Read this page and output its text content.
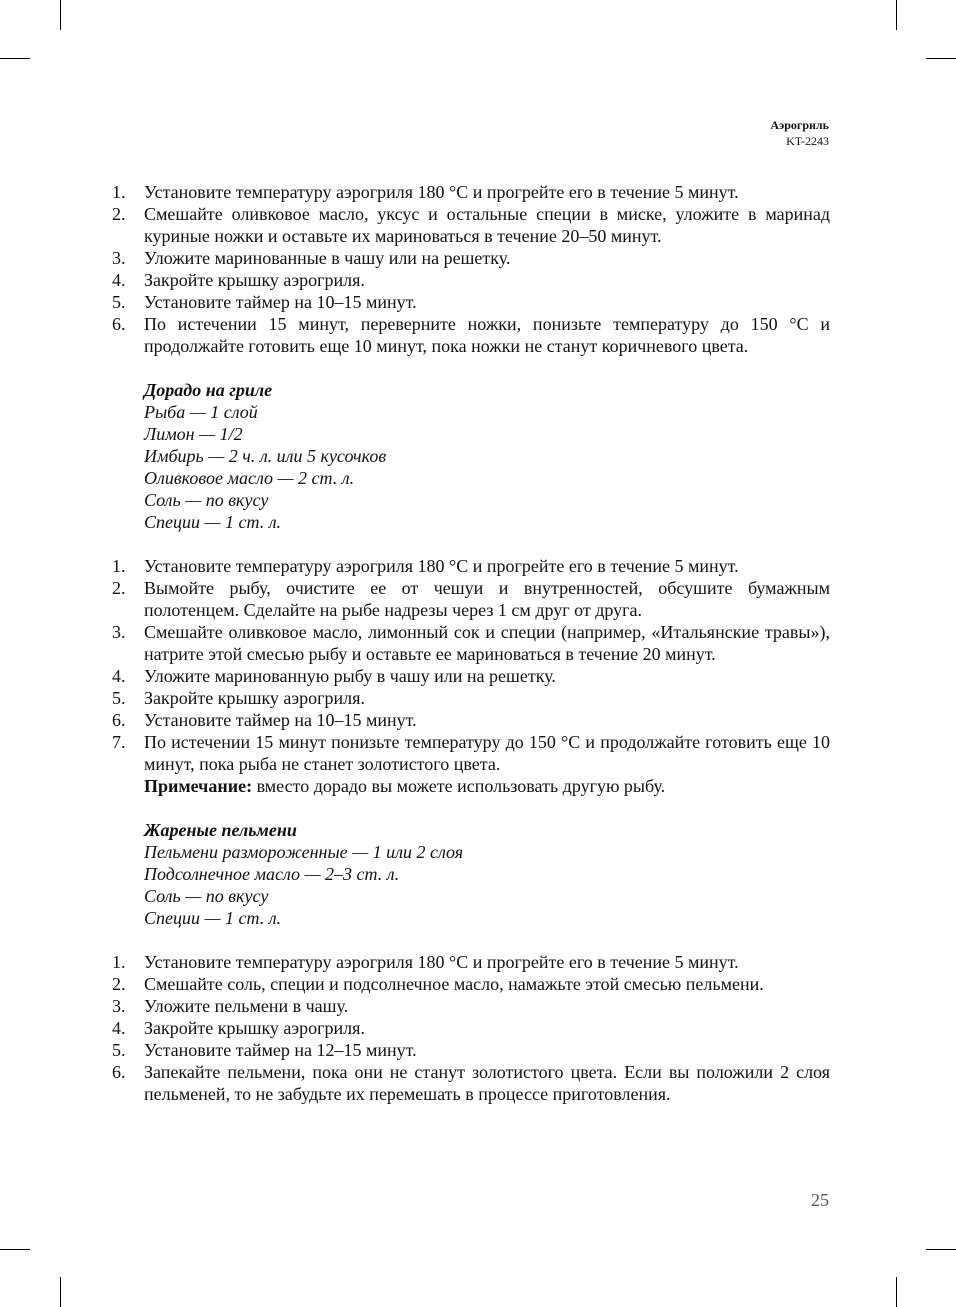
Аэрогриль
KT-2243
1. Установите температуру аэрогриля 180 °С и прогрейте его в течение 5 минут.
2. Смешайте оливковое масло, уксус и остальные специи в миске, уложите в маринад куриные ножки и оставьте их мариноваться в течение 20–50 минут.
3. Уложите маринованные в чашу или на решетку.
4. Закройте крышку аэрогриля.
5. Установите таймер на 10–15 минут.
6. По истечении 15 минут, переверните ножки, понизьте температуру до 150 °С и продолжайте готовить еще 10 минут, пока ножки не станут коричневого цвета.
Дорадо на гриле
Рыба — 1 слой
Лимон — 1/2
Имбирь — 2 ч. л. или 5 кусочков
Оливковое масло — 2 ст. л.
Соль — по вкусу
Специи — 1 ст. л.
1. Установите температуру аэрогриля 180 °С и прогрейте его в течение 5 минут.
2. Вымойте рыбу, очистите ее от чешуи и внутренностей, обсушите бумажным полотенцем. Сделайте на рыбе надрезы через 1 см друг от друга.
3. Смешайте оливковое масло, лимонный сок и специи (например, «Итальянские травы»), натрите этой смесью рыбу и оставьте ее мариноваться в течение 20 минут.
4. Уложите маринованную рыбу в чашу или на решетку.
5. Закройте крышку аэрогриля.
6. Установите таймер на 10–15 минут.
7. По истечении 15 минут понизьте температуру до 150 °С и продолжайте готовить еще 10 минут, пока рыба не станет золотистого цвета.
Примечание: вместо дорадо вы можете использовать другую рыбу.
Жареные пельмени
Пельмени размороженные — 1 или 2 слоя
Подсолнечное масло — 2–3 ст. л.
Соль — по вкусу
Специи — 1 ст. л.
1. Установите температуру аэрогриля 180 °С и прогрейте его в течение 5 минут.
2. Смешайте соль, специи и подсолнечное масло, намажьте этой смесью пельмени.
3. Уложите пельмени в чашу.
4. Закройте крышку аэрогриля.
5. Установите таймер на 12–15 минут.
6. Запекайте пельмени, пока они не станут золотистого цвета. Если вы положили 2 слоя пельменей, то не забудьте их перемешать в процессе приготовления.
25
